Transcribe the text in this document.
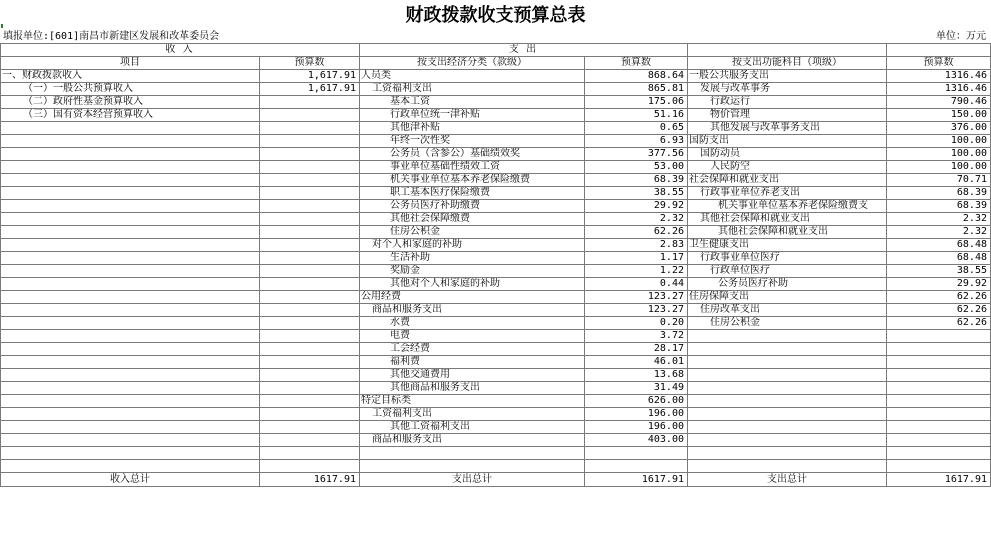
财政拨款收支预算总表
填报单位:[601]南昌市新建区发展和改革委员会	单位：万元
收 入		支 出			
项目	预算数	按支出经济分类（款级）	预算数	按支出功能科目（项级）	预算数
一、财政拨款收入	1,617.91	人员类	868.64	一般公共服务支出	1316.46
（一）一般公共预算收入	1,617.91	工资福利支出	865.81	发展与改革事务	1316.46
（二）政府性基金预算收入		基本工资	175.06	行政运行	790.46
（三）国有资本经营预算收入		行政单位统一津补贴	51.16	物价管理	150.00
		其他津补贴	0.65	其他发展与改革事务支出	376.00
		年终一次性奖	6.93	国防支出	100.00
		公务员（含参公）基础绩效奖	377.56	国防动员	100.00
		事业单位基础性绩效工资	53.00	人民防空	100.00
		机关事业单位基本养老保险缴费	68.39	社会保障和就业支出	70.71
		职工基本医疗保险缴费	38.55	行政事业单位养老支出	68.39
		公务员医疗补助缴费	29.92	机关事业单位基本养老保险缴费支	68.39
		其他社会保障缴费	2.32	其他社会保障和就业支出	2.32
		住房公积金	62.26	其他社会保障和就业支出	2.32
		对个人和家庭的补助	2.83	卫生健康支出	68.48
		生活补助	1.17	行政事业单位医疗	68.48
		奖励金	1.22	行政单位医疗	38.55
		其他对个人和家庭的补助	0.44	公务员医疗补助	29.92
		公用经费	123.27	住房保障支出	62.26
		商品和服务支出	123.27	住房改革支出	62.26
		水费	0.20	住房公积金	62.26
		电费	3.72		
		工会经费	28.17		
		福利费	46.01		
		其他交通费用	13.68		
		其他商品和服务支出	31.49		
		特定目标类	626.00		
		工资福利支出	196.00		
		其他工资福利支出	196.00		
		商品和服务支出	403.00		

收入总计	1617.91	支出总计	1617.91	支出总计	1617.91
